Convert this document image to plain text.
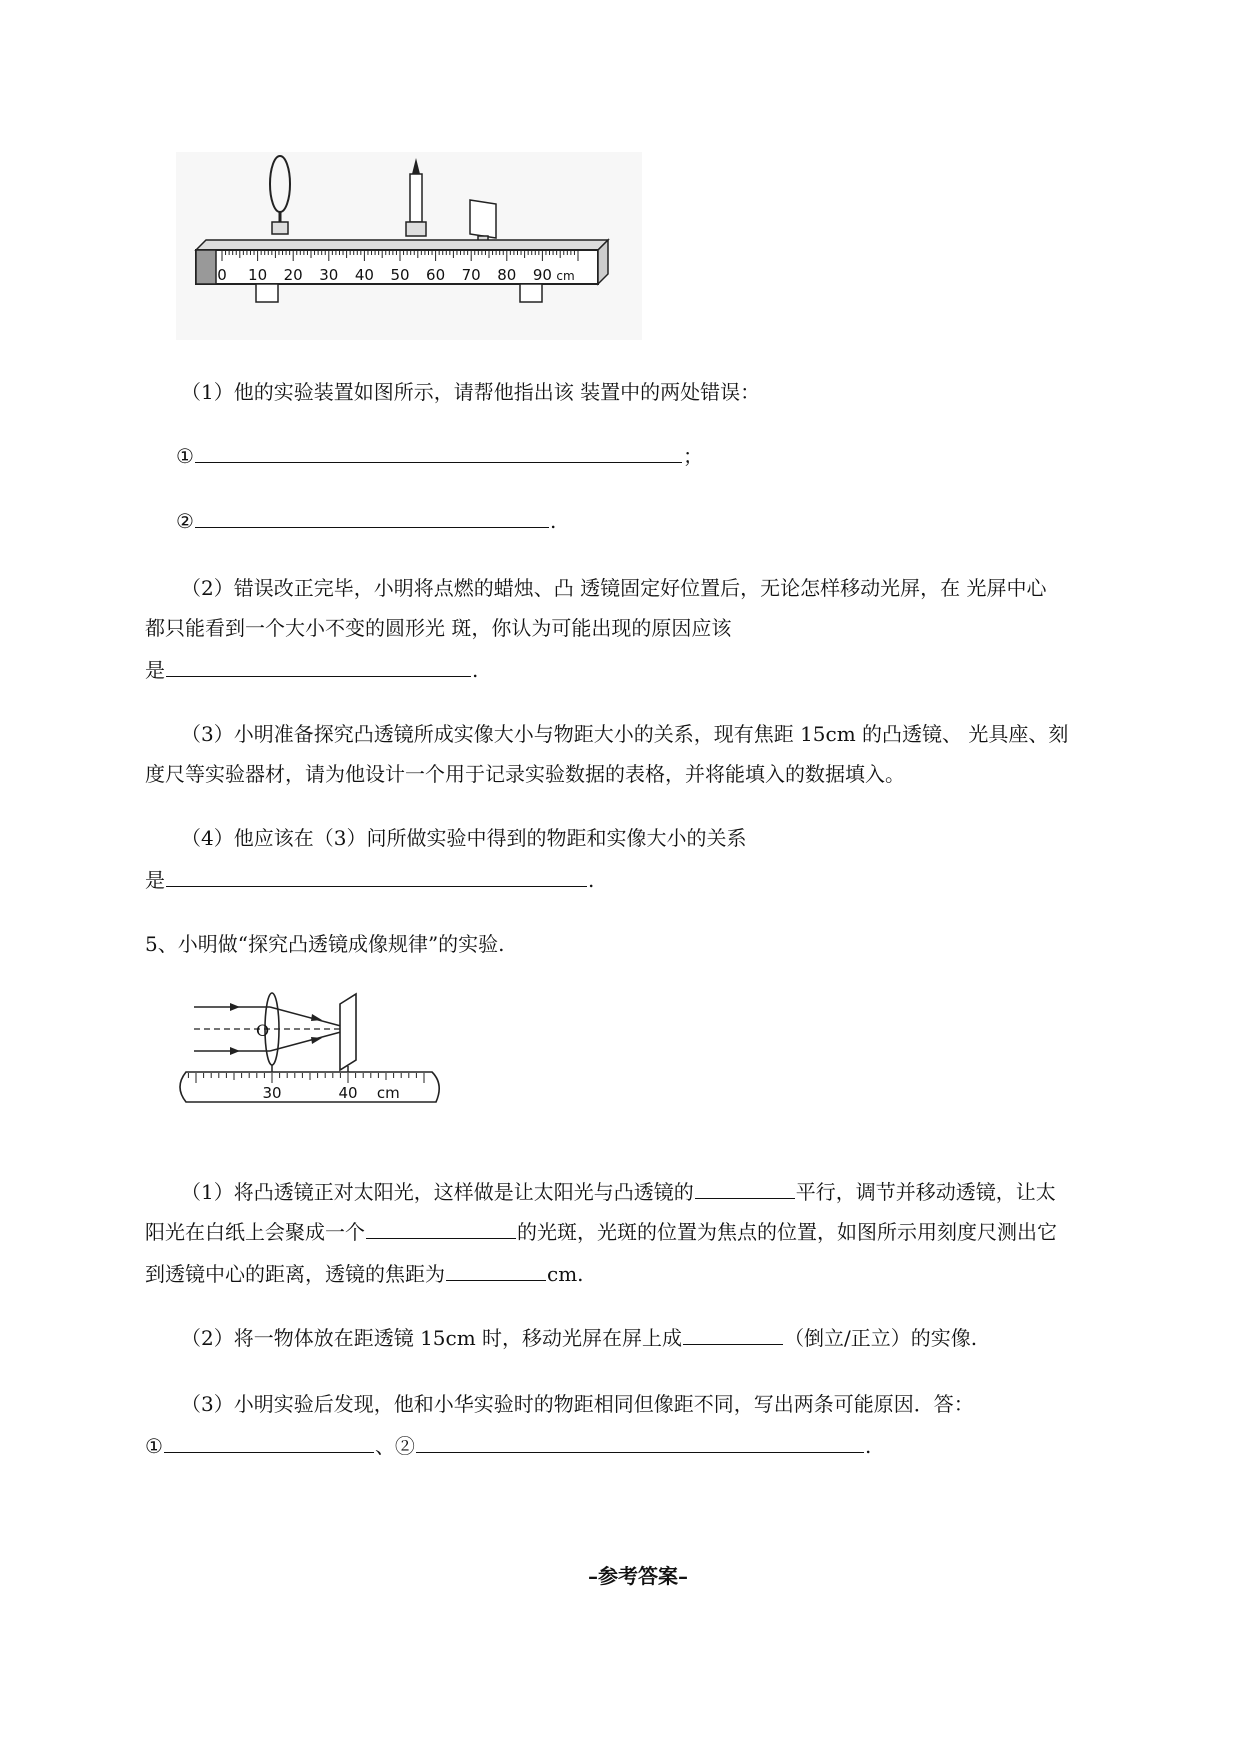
0 10 20 30 40 50 60 70 80 90 cm
（1）他的实验装置如图所示，请帮他指出该 装置中的两处错误：
①	；
②	.
（2）错误改正完毕，小明将点燃的蜡烛、凸 透镜固定好位置后，无论怎样移动光屏，在 光屏中心
都只能看到一个大小不变的圆形光 斑，你认为可能出现的原因应该
是	.
（3）小明准备探究凸透镜所成实像大小与物距大小的关系，现有焦距 15cm 的凸透镜、 光具座、刻
度尺等实验器材，请为他设计一个用于记录实验数据的表格，并将能填入的数据填入。
（4）他应该在（3）问所做实验中得到的物距和实像大小的关系
是	.
5、小明做“探究凸透镜成像规律”的实验.
O
30	40 cm
（1）将凸透镜正对太阳光，这样做是让太阳光与凸透镜的	平行，调节并移动透镜，让太
阳光在白纸上会聚成一个	的光斑，光斑的位置为焦点的位置，如图所示用刻度尺测出它
到透镜中心的距离，透镜的焦距为	cm.
（2）将一物体放在距透镜 15cm 时，移动光屏在屏上成	（倒立/正立）的实像.
（3）小明实验后发现，他和小华实验时的物距相同但像距不同，写出两条可能原因．答：
①	、②	.
–参考答案–
